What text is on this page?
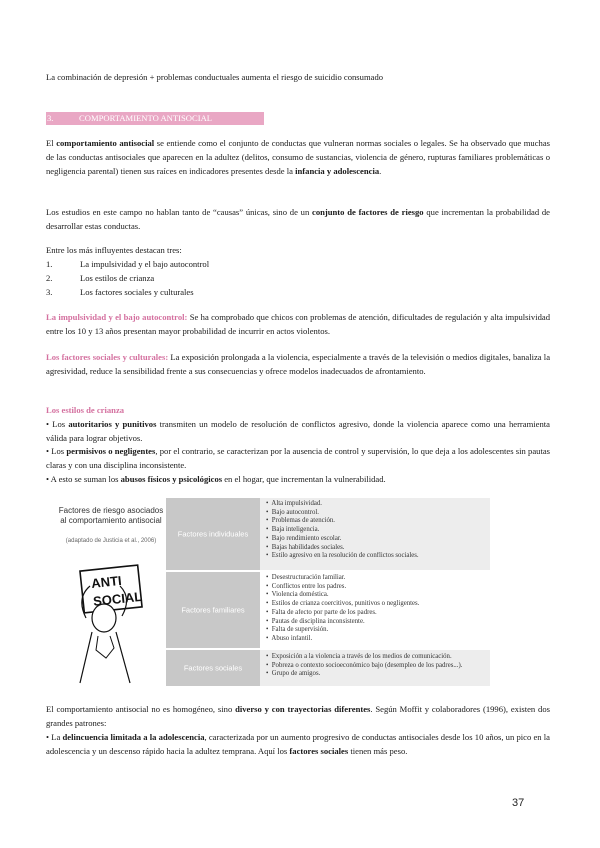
La combinación de depresión + problemas conductuales aumenta el riesgo de suicidio consumado

3.	COMPORTAMIENTO ANTISOCIAL

El comportamiento antisocial se entiende como el conjunto de conductas que vulneran normas sociales o legales. Se ha observado que muchas de las conductas antisociales que aparecen en la adultez (delitos, consumo de sustancias, violencia de género, rupturas familiares problemáticas o negligencia parental) tienen sus raíces en indicadores presentes desde la infancia y adolescencia.

Los estudios en este campo no hablan tanto de “causas” únicas, sino de un conjunto de factores de riesgo que incrementan la probabilidad de desarrollar estas conductas.

Entre los más influyentes destacan tres:

1.	La impulsividad y el bajo autocontrol
2.	Los estilos de crianza
3.	Los factores sociales y culturales

La impulsividad y el bajo autocontrol: Se ha comprobado que chicos con problemas de atención, dificultades de regulación y alta impulsividad entre los 10 y 13 años presentan mayor probabilidad de incurrir en actos violentos.

Los factores sociales y culturales: La exposición prolongada a la violencia, especialmente a través de la televisión o medios digitales, banaliza la agresividad, reduce la sensibilidad frente a sus consecuencias y ofrece modelos inadecuados de afrontamiento.

Los estilos de crianza
• Los autoritarios y punitivos transmiten un modelo de resolución de conflictos agresivo, donde la violencia aparece como una herramienta válida para lograr objetivos.
• Los permisivos o negligentes, por el contrario, se caracterizan por la ausencia de control y supervisión, lo que deja a los adolescentes sin pautas claras y con una disciplina inconsistente.
• A esto se suman los abusos físicos y psicológicos en el hogar, que incrementan la vulnerabilidad.

Factores de riesgo asociados al comportamiento antisocial
(adaptado de Justicia et al., 2006)
ANTI
SOCIAL
Factores individuales
•  Alta impulsividad.
•  Bajo autocontrol.
•  Problemas de atención.
•  Baja inteligencia.
•  Bajo rendimiento escolar.
•  Bajas habilidades sociales.
•  Estilo agresivo en la resolución de conflictos sociales.
Factores familiares
•  Desestructuración familiar.
•  Conflictos entre los padres.
•  Violencia doméstica.
•  Estilos de crianza coercitivos, punitivos o negligentes.
•  Falta de afecto por parte de los padres.
•  Pautas de disciplina inconsistente.
•  Falta de supervisión.
•  Abuso infantil.
Factores sociales
•  Exposición a la violencia a través de los medios de comunicación.
•  Pobreza o contexto socioeconómico bajo (desempleo de los padres...).
•  Grupo de amigos.

El comportamiento antisocial no es homogéneo, sino diverso y con trayectorias diferentes. Según Moffit y colaboradores (1996), existen dos grandes patrones:

• La delincuencia limitada a la adolescencia, caracterizada por un aumento progresivo de conductas antisociales desde los 10 años, un pico en la adolescencia y un descenso rápido hacia la adultez temprana. Aquí los factores sociales tienen más peso.

37
